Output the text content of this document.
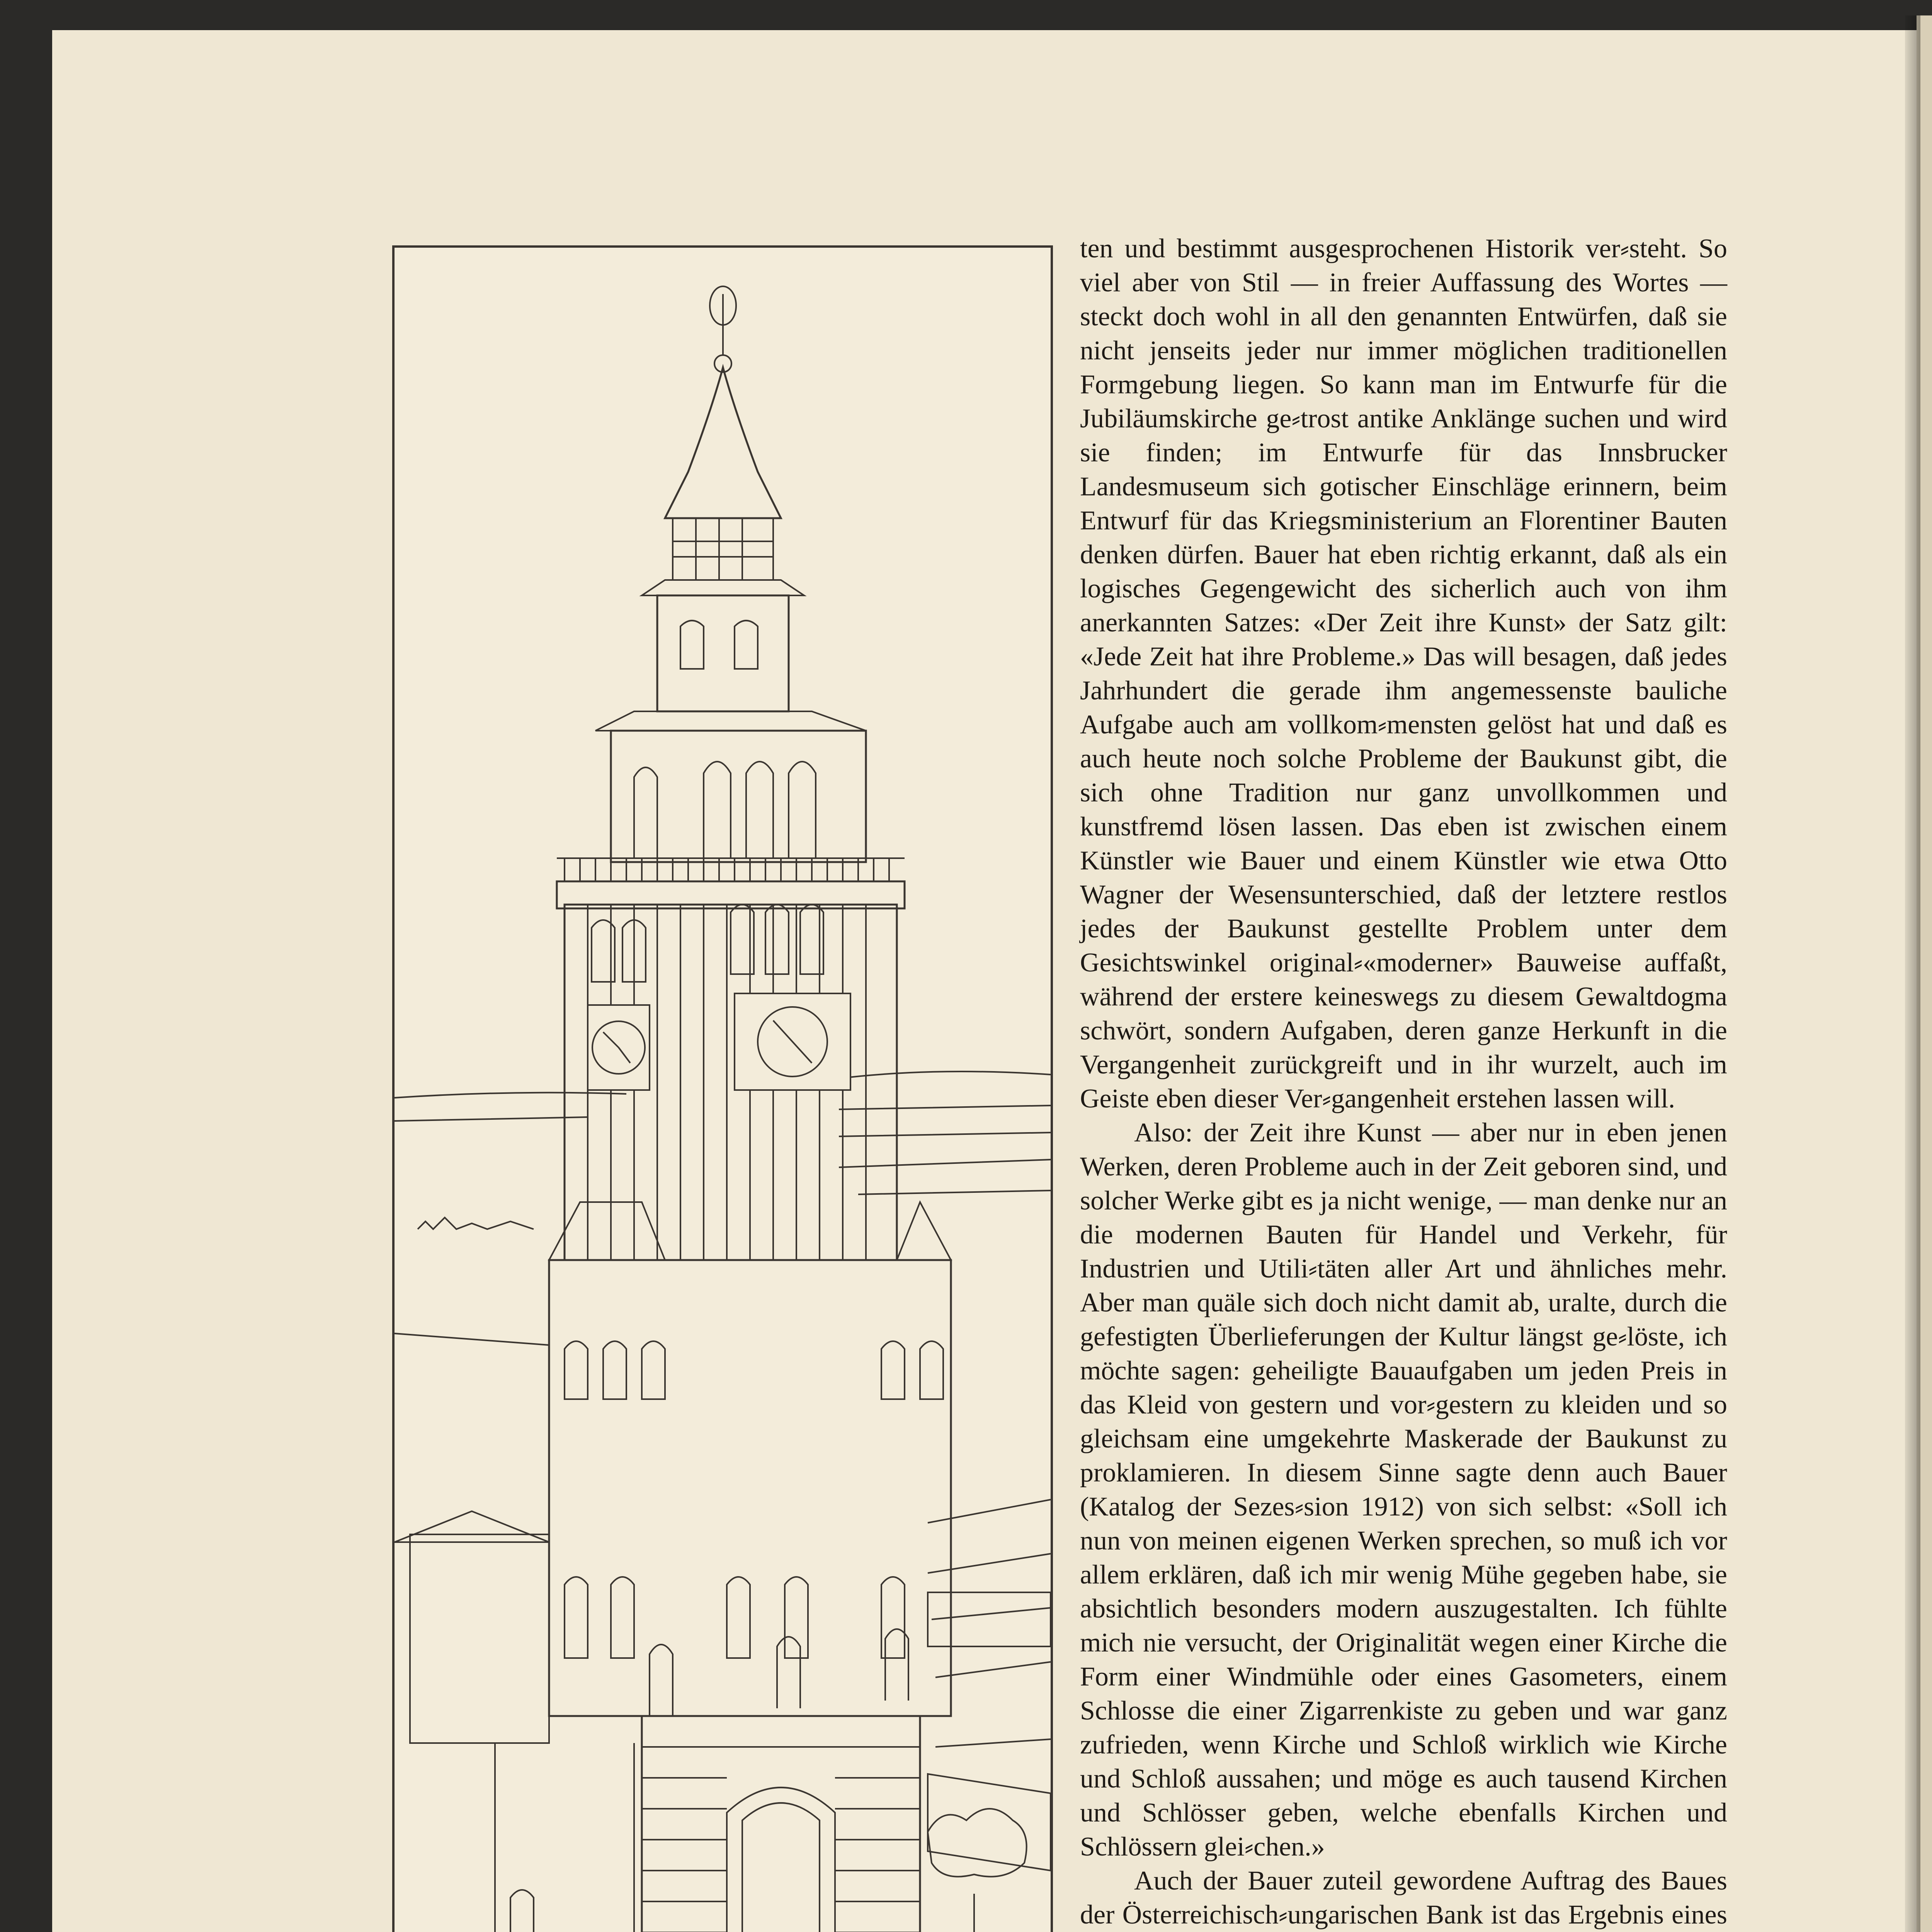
ten und bestimmt ausgesprochenen Historik ver⸗steht. So viel aber von Stil — in freier Auffassung des Wortes — steckt doch wohl in all den genannten Entwürfen, daß sie nicht jenseits jeder nur immer möglichen traditionellen Formgebung liegen. So kann man im Entwurfe für die Jubiläumskirche ge⸗trost antike Anklänge suchen und wird sie finden; im Entwurfe für das Innsbrucker Landesmuseum sich gotischer Einschläge erinnern, beim Entwurf für das Kriegsministerium an Florentiner Bauten denken dürfen. Bauer hat eben richtig erkannt, daß als ein logisches Gegengewicht des sicherlich auch von ihm anerkannten Satzes: «Der Zeit ihre Kunst» der Satz gilt: «Jede Zeit hat ihre Probleme.» Das will besagen, daß jedes Jahrhundert die gerade ihm angemessenste bauliche Aufgabe auch am vollkom⸗mensten gelöst hat und daß es auch heute noch solche Probleme der Baukunst gibt, die sich ohne Tradition nur ganz unvollkommen und kunstfremd lösen lassen. Das eben ist zwischen einem Künstler wie Bauer und einem Künstler wie etwa Otto Wagner der Wesensunterschied, daß der letztere restlos jedes der Baukunst gestellte Problem unter dem Gesichtswinkel original⸗«moderner» Bauweise auffaßt, während der erstere keineswegs zu diesem Gewaltdogma schwört, sondern Aufgaben, deren ganze Herkunft in die Vergangenheit zurückgreift und in ihr wurzelt, auch im Geiste eben dieser Ver⸗gangenheit erstehen lassen will.

Also: der Zeit ihre Kunst — aber nur in eben jenen Werken, deren Probleme auch in der Zeit geboren sind, und solcher Werke gibt es ja nicht wenige, — man denke nur an die modernen Bauten für Handel und Verkehr, für Industrien und Utili⸗täten aller Art und ähnliches mehr. Aber man quäle sich doch nicht damit ab, uralte, durch die gefestigten Überlieferungen der Kultur längst ge⸗löste, ich möchte sagen: geheiligte Bauaufgaben um jeden Preis in das Kleid von gestern und vor⸗gestern zu kleiden und so gleichsam eine umgekehrte Maskerade der Baukunst zu proklamieren. In diesem Sinne sagte denn auch Bauer (Katalog der Sezes⸗sion 1912) von sich selbst: «Soll ich nun von meinen eigenen Werken sprechen, so muß ich vor allem erklären, daß ich mir wenig Mühe gegeben habe, sie absichtlich besonders modern auszugestalten. Ich fühlte mich nie versucht, der Originalität wegen einer Kirche die Form einer Windmühle oder eines Gasometers, einem Schlosse die einer Zigarrenkiste zu geben und war ganz zufrieden, wenn Kirche und Schloß wirklich wie Kirche und Schloß aussahen; und möge es auch tausend Kirchen und Schlösser geben, welche ebenfalls Kirchen und Schlössern glei⸗chen.»

Auch der Bauer zuteil gewordene Auftrag des Baues der Österreichisch⸗ungarischen Bank ist das Ergebnis eines
